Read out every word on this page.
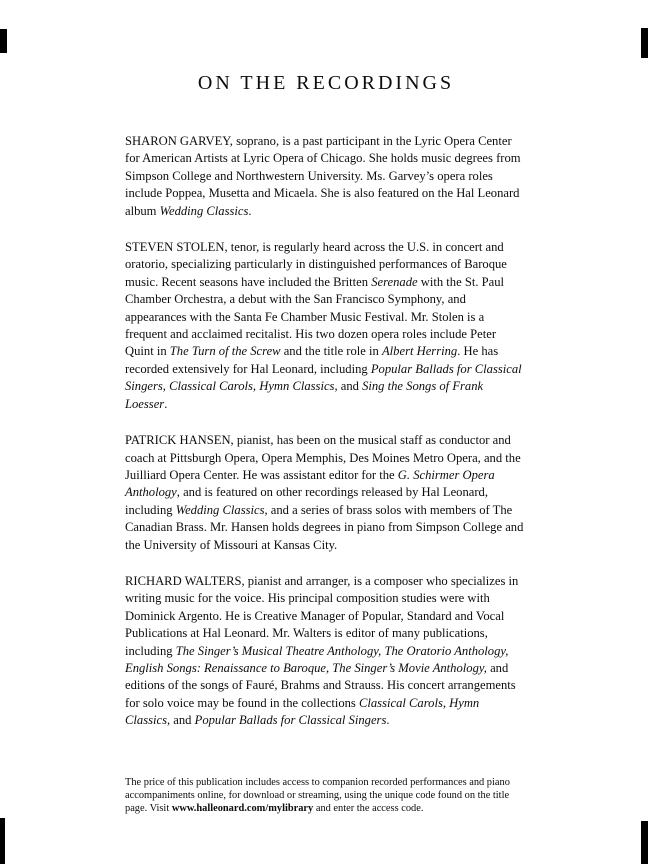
ON THE RECORDINGS

SHARON GARVEY, soprano, is a past participant in the Lyric Opera Center for American Artists at Lyric Opera of Chicago. She holds music degrees from Simpson College and Northwestern University. Ms. Garvey’s opera roles include Poppea, Musetta and Micaela. She is also featured on the Hal Leonard album Wedding Classics.

STEVEN STOLEN, tenor, is regularly heard across the U.S. in concert and oratorio, specializing particularly in distinguished performances of Baroque music. Recent seasons have included the Britten Serenade with the St. Paul Chamber Orchestra, a debut with the San Francisco Symphony, and appearances with the Santa Fe Chamber Music Festival. Mr. Stolen is a frequent and acclaimed recitalist. His two dozen opera roles include Peter Quint in The Turn of the Screw and the title role in Albert Herring. He has recorded extensively for Hal Leonard, including Popular Ballads for Classical Singers, Classical Carols, Hymn Classics, and Sing the Songs of Frank Loesser.

PATRICK HANSEN, pianist, has been on the musical staff as conductor and coach at Pittsburgh Opera, Opera Memphis, Des Moines Metro Opera, and the Juilliard Opera Center. He was assistant editor for the G. Schirmer Opera Anthology, and is featured on other recordings released by Hal Leonard, including Wedding Classics, and a series of brass solos with members of The Canadian Brass. Mr. Hansen holds degrees in piano from Simpson College and the University of Missouri at Kansas City.

RICHARD WALTERS, pianist and arranger, is a composer who specializes in writing music for the voice. His principal composition studies were with Dominick Argento. He is Creative Manager of Popular, Standard and Vocal Publications at Hal Leonard. Mr. Walters is editor of many publications, including The Singer’s Musical Theatre Anthology, The Oratorio Anthology, English Songs: Renaissance to Baroque, The Singer’s Movie Anthology, and editions of the songs of Fauré, Brahms and Strauss. His concert arrangements for solo voice may be found in the collections Classical Carols, Hymn Classics, and Popular Ballads for Classical Singers.

The price of this publication includes access to companion recorded performances and piano accompaniments online, for download or streaming, using the unique code found on the title page. Visit www.halleonard.com/mylibrary and enter the access code.
